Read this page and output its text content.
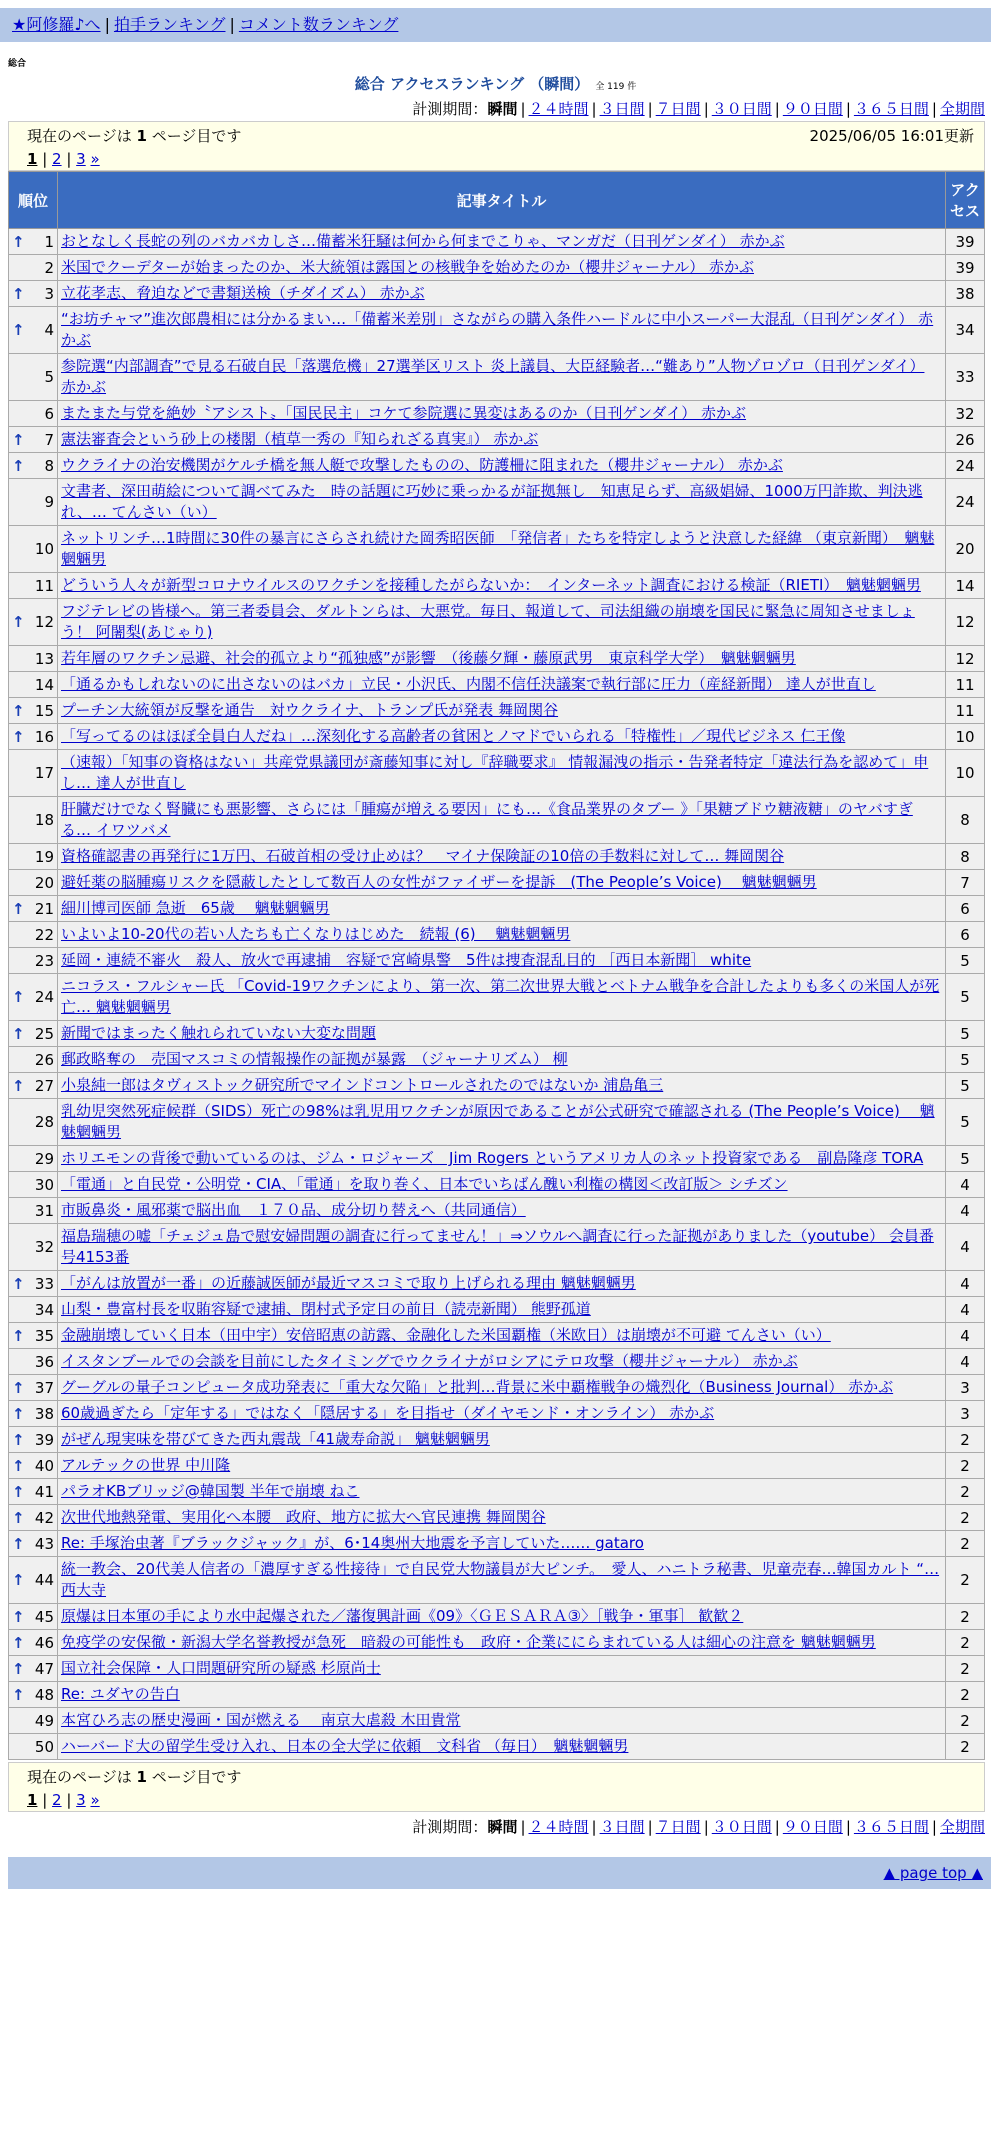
★阿修羅♪へ | 拍手ランキング | コメント数ランキング
総合
総合 アクセスランキング （瞬間） 全 119 件
計測期間：瞬間 | ２４時間 | ３日間 | ７日間 | ３０日間 | ９０日間 | ３６５日間 | 全期間
現在のページは 1 ページ目です	2025/06/05 16:01更新
1 | 2 | 3 »
順位	記事タイトル	アクセス

↑ 1	おとなしく長蛇の列のバカバカしさ…備蓄米狂騒は何から何までこりゃ、マンガだ（日刊ゲンダイ） 赤かぶ	39
2	米国でクーデターが始まったのか、米大統領は露国との核戦争を始めたのか（櫻井ジャーナル） 赤かぶ	39

↑ 3	立花孝志、脅迫などで書類送検（チダイズム） 赤かぶ	38

↑ 4	“お坊チャマ”進次郎農相には分かるまい…「備蓄米差別」さながらの購入条件ハードルに中小スーパー大混乱（日刊ゲンダイ） 赤かぶ	34
5	参院選“内部調査”で見る石破自民「落選危機」27選挙区リスト 炎上議員、大臣経験者…“難あり”人物ゾロゾロ（日刊ゲンダイ） 赤かぶ	33
6	またまた与党を絶妙〝アシスト〟「国民民主」コケて参院選に異変はあるのか（日刊ゲンダイ） 赤かぶ	32

↑ 7	憲法審査会という砂上の楼閣（植草一秀の『知られざる真実』） 赤かぶ	26

↑ 8	ウクライナの治安機関がケルチ橋を無人艇で攻撃したものの、防護柵に阻まれた（櫻井ジャーナル） 赤かぶ	24
9	文書者、深田萌絵について調べてみた　時の話題に巧妙に乗っかるが証拠無し　知恵足らず、高級娼婦、1000万円詐欺、判決逃れ、… てんさい（い）	24
10	ネットリンチ…1時間に30件の暴言にさらされ続けた岡秀昭医師　「発信者」たちを特定しようと決意した経緯 （東京新聞）　魑魅魍魎男	20
11	どういう人々が新型コロナウイルスのワクチンを接種したがらないか：　インターネット調査における検証（RIETI）　魑魅魍魎男	14

↑ 12	フジテレビの皆様へ。第三者委員会、ダルトンらは、大悪党。毎日、報道して、司法組織の崩壊を国民に緊急に周知させましょう！ 阿闍梨(あじゃり)	12
13	若年層のワクチン忌避、社会的孤立より“孤独感”が影響　（後藤夕輝・藤原武男　東京科学大学）　魑魅魍魎男	12
14	「通るかもしれないのに出さないのはバカ」立民・小沢氏、内閣不信任決議案で執行部に圧力（産経新聞） 達人が世直し	11

↑ 15	プーチン大統領が反撃を通告　対ウクライナ、トランプ氏が発表 舞岡関谷	11

↑ 16	「写ってるのはほぼ全員白人だね」…深刻化する高齢者の貧困とノマドでいられる「特権性」／現代ビジネス 仁王像	10
17	（速報）「知事の資格はない」共産党県議団が斎藤知事に対し『辞職要求』 情報漏洩の指示・告発者特定「違法行為を認めて」申し… 達人が世直し	10
18	肝臓だけでなく腎臓にも悪影響、さらには「腫瘍が増える要因」にも…《食品業界のタブー 》「果糖ブドウ糖液糖」のヤバすぎる… イワツバメ	8
19	資格確認書の再発行に1万円、石破首相の受け止めは？　マイナ保険証の10倍の手数料に対して… 舞岡関谷	8
20	避妊薬の脳腫瘍リスクを隠蔽したとして数百人の女性がファイザーを提訴　(The People’s Voice)　 魑魅魍魎男	7

↑ 21	細川博司医師 急逝　65歳　 魑魅魍魎男	6
22	いよいよ10-20代の若い人たちも亡くなりはじめた　続報 (6)　 魑魅魍魎男	6
23	延岡・連続不審火　殺人、放火で再逮捕　容疑で宮崎県警　5件は捜査混乱目的 ［西日本新聞］ white	5

↑ 24	ニコラス・フルシャー氏 「Covid-19ワクチンにより、第一次、第二次世界大戦とベトナム戦争を合計したよりも多くの米国人が死亡… 魑魅魍魎男	5

↑ 25	新聞ではまったく触れられていない大変な問題	5
26	郵政略奪の　売国マスコミの情報操作の証拠が暴露　（ジャーナリズム） 柳	5

↑ 27	小泉純一郎はタヴィストック研究所でマインドコントロールされたのではないか 浦島亀三	5
28	乳幼児突然死症候群（SIDS）死亡の98%は乳児用ワクチンが原因であることが公式研究で確認される (The People’s Voice)　 魑魅魍魎男	5
29	ホリエモンの背後で動いているのは、ジム・ロジャーズ　Jim Rogers というアメリカ人のネット投資家である　副島隆彦 TORA	5
30	「電通」と自民党・公明党・CIA、「電通」を取り巻く、日本でいちばん醜い利権の構図＜改訂版＞ シチズン	4
31	市販鼻炎・風邪薬で脳出血　１７０品、成分切り替えへ（共同通信）	4
32	福島瑞穂の嘘「チェジュ島で慰安婦問題の調査に行ってません！」⇒ソウルへ調査に行った証拠がありました（youtube） 会員番号4153番	4

↑ 33	「がんは放置が一番」の近藤誠医師が最近マスコミで取り上げられる理由 魑魅魍魎男	4
34	山梨・豊富村長を収賄容疑で逮捕、閉村式予定日の前日（読売新聞） 熊野孤道	4

↑ 35	金融崩壊していく日本（田中宇）安倍昭恵の訪露、金融化した米国覇権（米欧日）は崩壊が不可避 てんさい（い）	4
36	イスタンブールでの会談を目前にしたタイミングでウクライナがロシアにテロ攻撃（櫻井ジャーナル） 赤かぶ	4

↑ 37	グーグルの量子コンピュータ成功発表に「重大な欠陥」と批判…背景に米中覇権戦争の熾烈化（Business Journal） 赤かぶ	3

↑ 38	60歳過ぎたら「定年する」ではなく「隠居する」を目指せ（ダイヤモンド・オンライン） 赤かぶ	3

↑ 39	がぜん現実味を帯びてきた西丸震哉「41歳寿命説」 魑魅魍魎男	2

↑ 40	アルテックの世界 中川隆	2

↑ 41	パラオKBブリッジ@韓国製 半年で崩壊 ねこ	2

↑ 42	次世代地熱発電、実用化へ本腰　政府、地方に拡大へ官民連携 舞岡関谷	2

↑ 43	Re: 手塚治虫著『ブラックジャック』が、6･14奥州大地震を予言していた…… gataro	2

↑ 44	統一教会、20代美人信者の「濃厚すぎる性接待」で自民党大物議員が大ピンチ。　愛人、ハニトラ秘書、児童売春…韓国カルト “… 西大寺	2

↑ 45	原爆は日本軍の手により水中起爆された／藩復興計画《09》〈ＧＥＳＡＲＡ③〉［戦争・軍事］ 歓歓２	2

↑ 46	免疫学の安保徹・新潟大学名誉教授が急死　暗殺の可能性も　政府・企業ににらまれている人は細心の注意を 魑魅魍魎男	2

↑ 47	国立社会保障・人口問題研究所の疑惑 杉原尚士	2

↑ 48	Re: ユダヤの告白	2
49	本宮ひろ志の歴史漫画・国が燃える　 南京大虐殺 木田貴常	2
50	ハーバード大の留学生受け入れ、日本の全大学に依頼　文科省 （毎日）　魑魅魍魎男	2
現在のページは 1 ページ目です
1 | 2 | 3 »
計測期間：瞬間 | ２４時間 | ３日間 | ７日間 | ３０日間 | ９０日間 | ３６５日間 | 全期間
▲ page top ▲
